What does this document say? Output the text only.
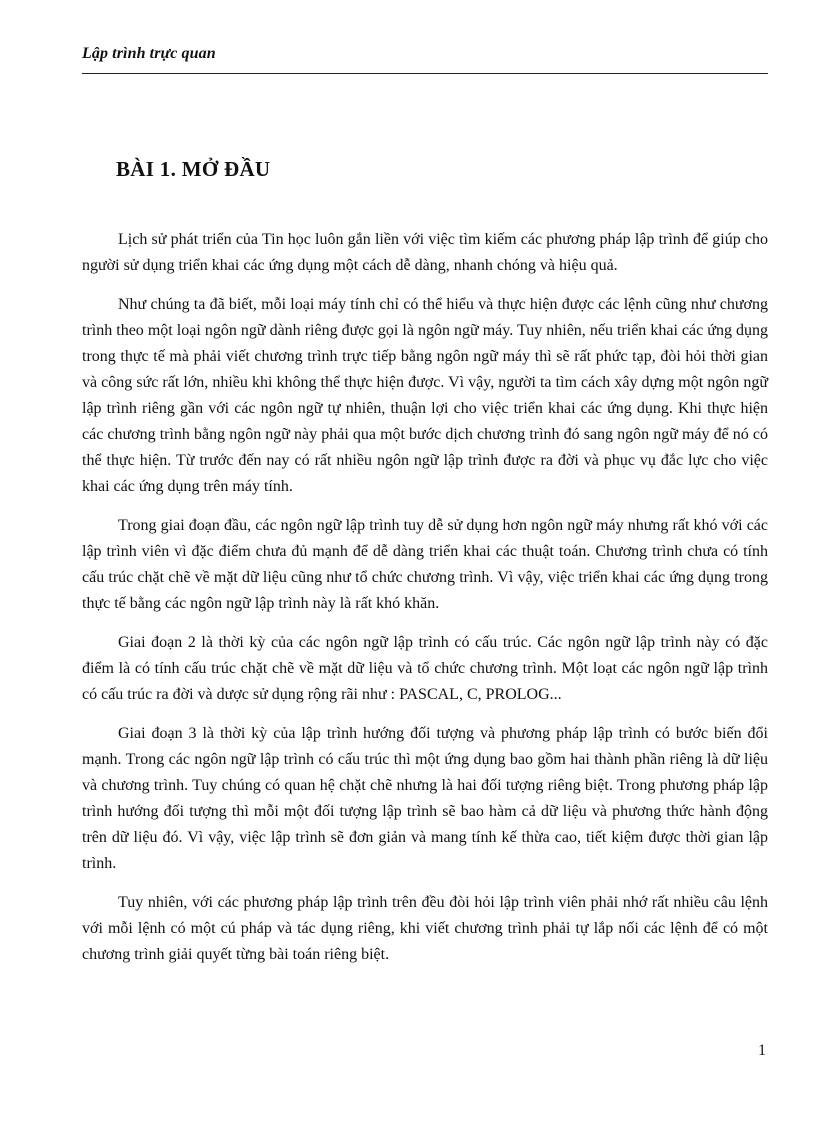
Lập trình trực quan
BÀI 1. MỞ ĐẦU

Lịch sử phát triển của Tin học luôn gắn liền với việc tìm kiếm các phương pháp lập trình để giúp cho người sử dụng triển khai các ứng dụng một cách dễ dàng, nhanh chóng và hiệu quả.

Như chúng ta đã biết, mỗi loại máy tính chỉ có thể hiểu và thực hiện được các lệnh cũng như chương trình theo một loại ngôn ngữ dành riêng được gọi là ngôn ngữ máy. Tuy nhiên, nếu triển khai các ứng dụng trong thực tế mà phải viết chương trình trực tiếp bằng ngôn ngữ máy thì sẽ rất phức tạp, đòi hỏi thời gian và công sức rất lớn, nhiều khi không thể thực hiện được. Vì vậy, người ta tìm cách xây dựng một ngôn ngữ lập trình riêng gần với các ngôn ngữ tự nhiên, thuận lợi cho việc triển khai các ứng dụng. Khi thực hiện các chương trình bằng ngôn ngữ này phải qua một bước dịch chương trình đó sang ngôn ngữ máy để nó có thể thực hiện. Từ trước đến nay có rất nhiều ngôn ngữ lập trình được ra đời và phục vụ đắc lực cho việc khai các ứng dụng trên máy tính.

Trong giai đoạn đầu, các ngôn ngữ lập trình tuy dễ sử dụng hơn ngôn ngữ máy nhưng rất khó với các lập trình viên vì đặc điểm chưa đủ mạnh để dễ dàng triển khai các thuật toán. Chương trình chưa có tính cấu trúc chặt chẽ về mặt dữ liệu cũng như tổ chức chương trình. Vì vậy, việc triển khai các ứng dụng trong thực tế bằng các ngôn ngữ lập trình này là rất khó khăn.

Giai đoạn 2 là thời kỳ của các ngôn ngữ lập trình có cấu trúc. Các ngôn ngữ lập trình này có đặc điểm là có tính cấu trúc chặt chẽ về mặt dữ liệu và tổ chức chương trình. Một loạt các ngôn ngữ lập trình có cấu trúc ra đời và dược sử dụng rộng rãi như : PASCAL, C, PROLOG...

Giai đoạn 3 là thời kỳ của lập trình hướng đối tượng và phương pháp lập trình có bước biến đổi mạnh. Trong các ngôn ngữ lập trình có cấu trúc thì một ứng dụng bao gồm hai thành phần riêng là dữ liệu và chương trình. Tuy chúng có quan hệ chặt chẽ nhưng là hai đối tượng riêng biệt. Trong phương pháp lập trình hướng đối tượng thì mỗi một đối tượng lập trình sẽ bao hàm cả dữ liệu và phương thức hành động trên dữ liệu đó. Vì vậy, việc lập trình sẽ đơn giản và mang tính kế thừa cao, tiết kiệm được thời gian lập trình.

Tuy nhiên, với các phương pháp lập trình trên đều đòi hỏi lập trình viên phải nhớ rất nhiều câu lệnh với mỗi lệnh có một cú pháp và tác dụng riêng, khi viết chương trình phải tự lắp nối các lệnh để có một chương trình giải quyết từng bài toán riêng biệt.

1
